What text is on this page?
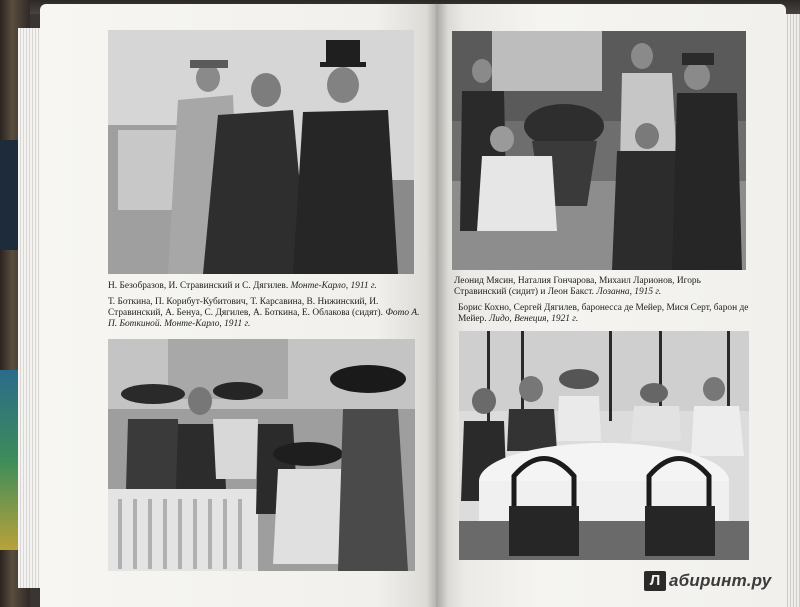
Н. Безобразов, И. Стравинский и С. Дягилев. Монте-Карло, 1911 г.
Т. Боткина, П. Корибут-Кубитович, Т. Карсавина, В. Нижинский, И. Стравинский, А. Бенуа, С. Дягилев, А. Боткина, Е. Облакова (сидят). Фото А. П. Боткиной. Монте-Карло, 1911 г.
Леонид Мясин, Наталия Гончарова, Михаил Ларионов, Игорь Стравинский (сидит) и Леон Бакст. Лозанна, 1915 г.
Борис Кохно, Сергей Дягилев, баронесса де Мейер, Мися Серт, барон де Мейер. Лидо, Венеция, 1921 г.
Л абиринт.ру
